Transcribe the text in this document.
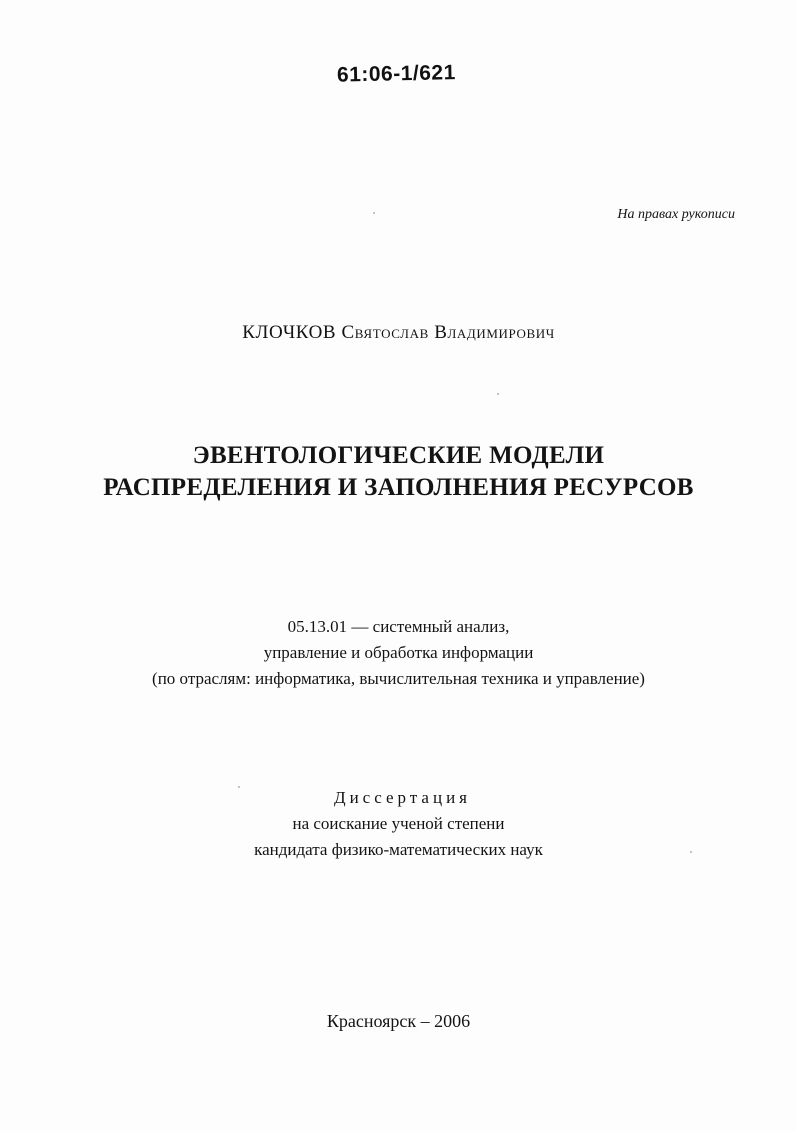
61:06-1/621
На правах рукописи
КЛОЧКОВ Святослав Владимирович
ЭВЕНТОЛОГИЧЕСКИЕ МОДЕЛИ
РАСПРЕДЕЛЕНИЯ И ЗАПОЛНЕНИЯ РЕСУРСОВ
05.13.01 — системный анализ,
управление и обработка информации
(по отраслям: информатика, вычислительная техника и управление)
Диссертация
на соискание ученой степени
кандидата физико-математических наук
Красноярск – 2006
